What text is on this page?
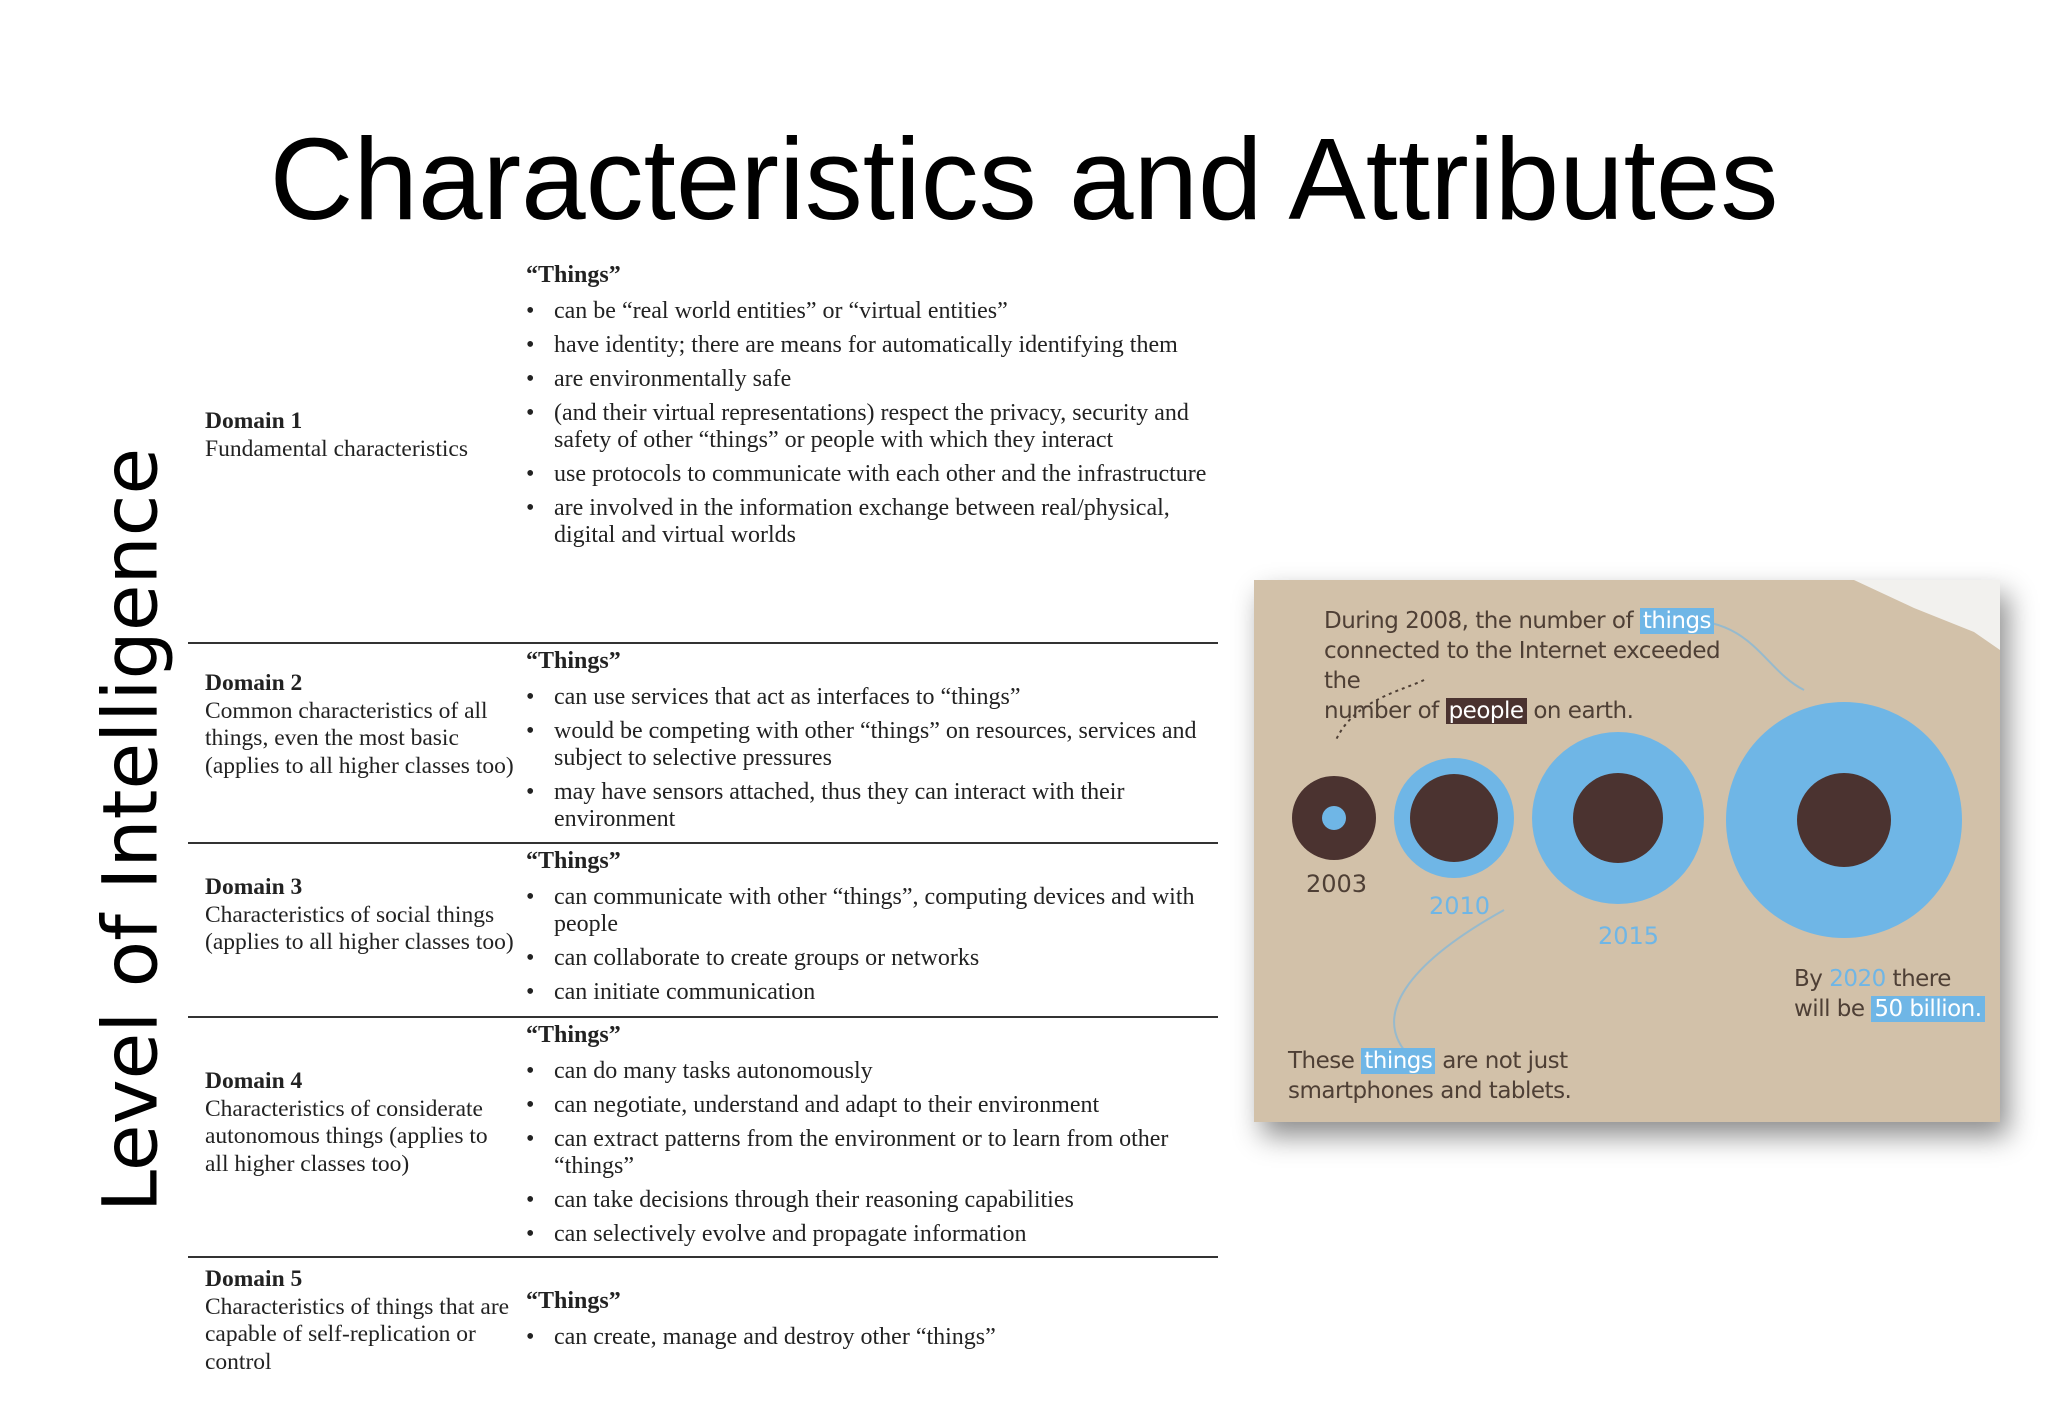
Characteristics and Attributes
Level of Intelligence
Domain 1
Fundamental characteristics
“Things”
• can be “real world entities” or “virtual entities”
• have identity; there are means for automatically identifying them
• are environmentally safe
• (and their virtual representations) respect the privacy, security and safety of other “things” or people with which they interact
• use protocols to communicate with each other and the infrastructure
• are involved in the information exchange between real/physical, digital and virtual worlds
Domain 2
Common characteristics of all things, even the most basic (applies to all higher classes too)
“Things”
• can use services that act as interfaces to “things”
• would be competing with other “things” on resources, services and subject to selective pressures
• may have sensors attached, thus they can interact with their environment
Domain 3
Characteristics of social things (applies to all higher classes too)
“Things”
• can communicate with other “things”, computing devices and with people
• can collaborate to create groups or networks
• can initiate communication
Domain 4
Characteristics of considerate autonomous things (applies to all higher classes too)
“Things”
• can do many tasks autonomously
• can negotiate, understand and adapt to their environment
• can extract patterns from the environment or to learn from other “things”
• can take decisions through their reasoning capabilities
• can selectively evolve and propagate information
Domain 5
Characteristics of things that are capable of self-replication or control
“Things”
• can create, manage and destroy other “things”
During 2008, the number of things
connected to the Internet exceeded the
number of people on earth.
2003
2010
2015
By 2020 there
will be 50 billion.
These things are not just
smartphones and tablets.
